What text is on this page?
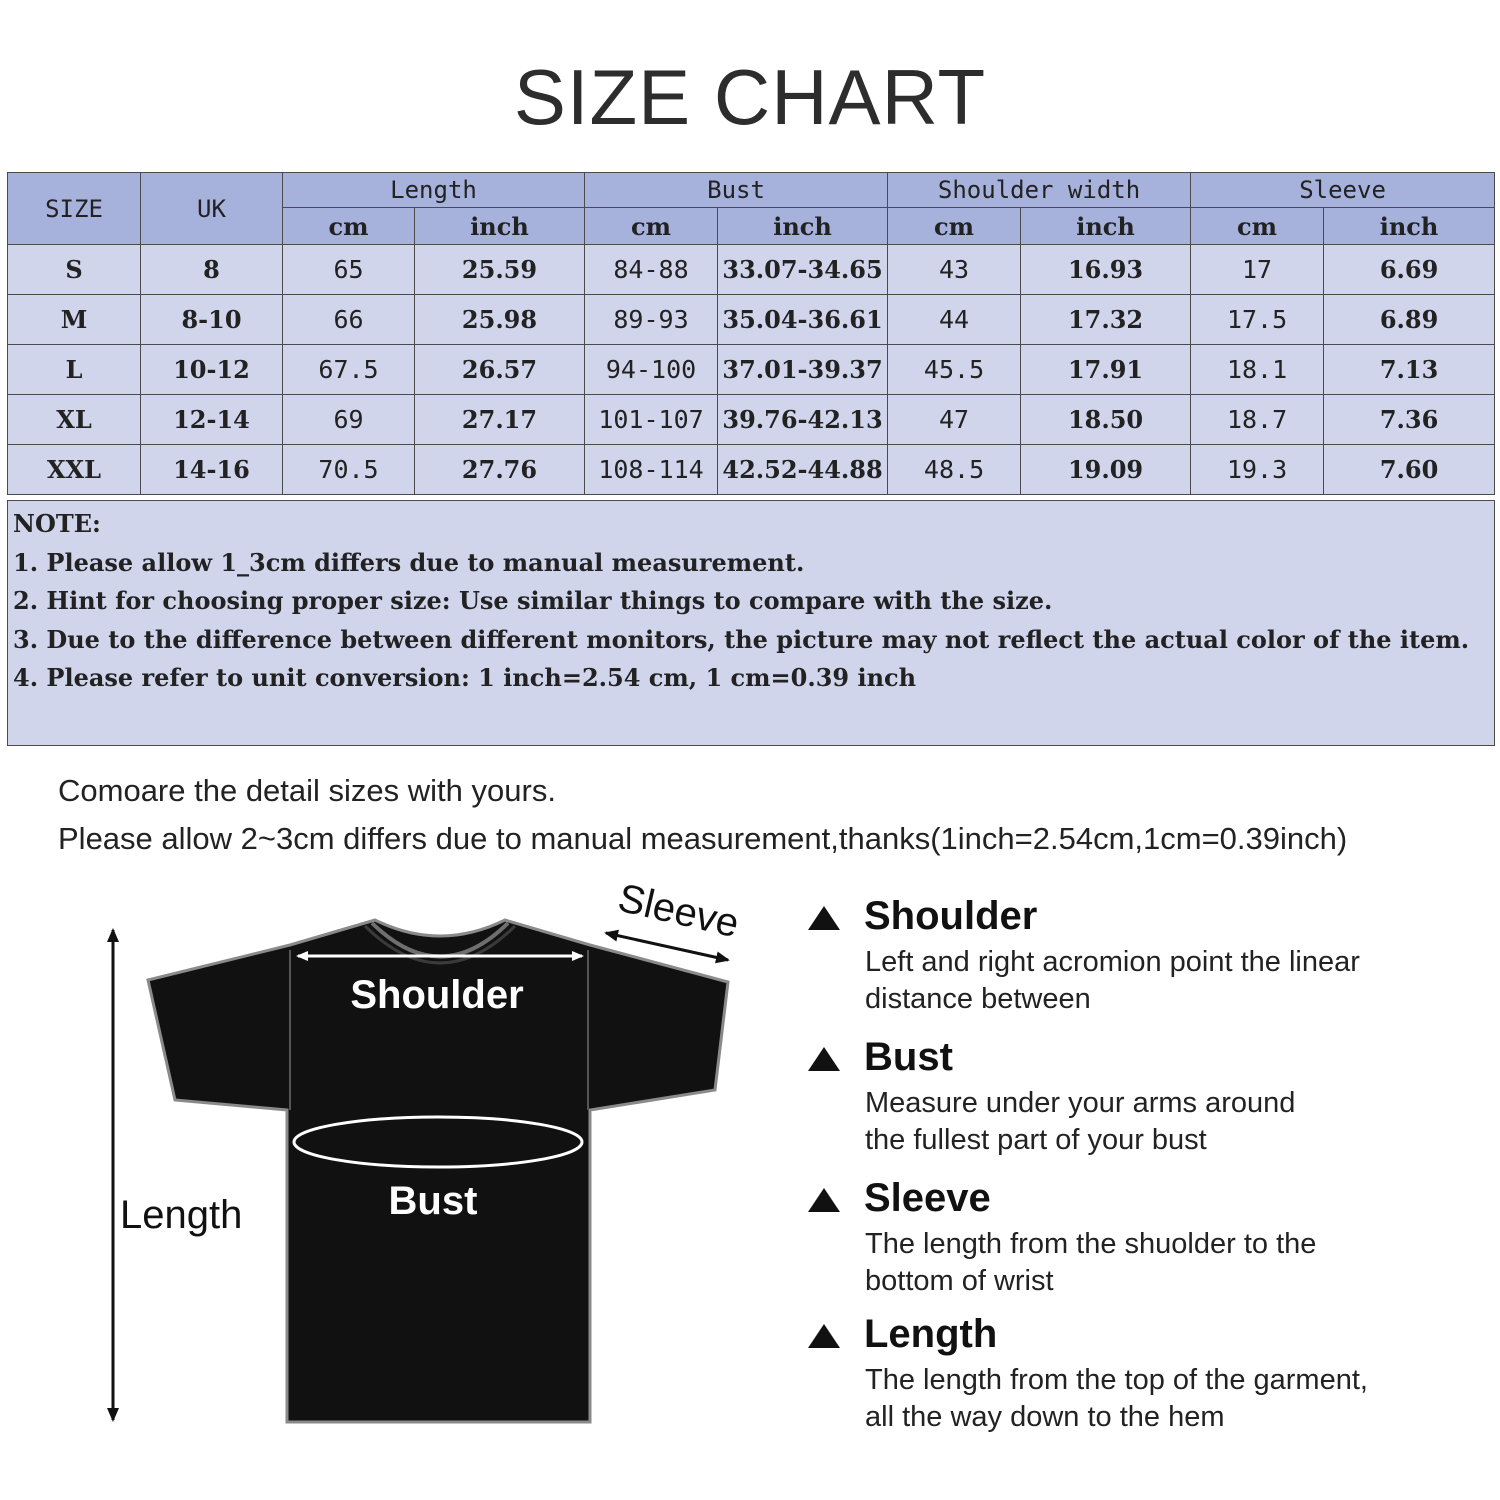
SIZE CHART
SIZE	UK	Length		Bust		Shoulder width		Sleeve	
		cm	inch	cm	inch	cm	inch	cm	inch
S	8	65	25.59	84-88	33.07-34.65	43	16.93	17	6.69
M	8-10	66	25.98	89-93	35.04-36.61	44	17.32	17.5	6.89
L	10-12	67.5	26.57	94-100	37.01-39.37	45.5	17.91	18.1	7.13
XL	12-14	69	27.17	101-107	39.76-42.13	47	18.50	18.7	7.36
XXL	14-16	70.5	27.76	108-114	42.52-44.88	48.5	19.09	19.3	7.60
NOTE:
1. Please allow 1_3cm differs due to manual measurement.
2. Hint for choosing proper size: Use similar things to compare with the size.
3. Due to the difference between different monitors, the picture may not reflect the actual color of the item.
4. Please refer to unit conversion: 1 inch=2.54 cm, 1 cm=0.39 inch
Comoare the detail sizes with yours.
Please allow 2~3cm differs due to manual measurement,thanks(1inch=2.54cm,1cm=0.39inch)
Shoulder
Bust
Length
Sleeve	Shoulder
Left and right acromion point the linear
distance between
Bust
Measure under your arms around
the fullest part of your bust
Sleeve
The length from the shuolder to the
bottom of wrist
Length
The length from the top of the garment,
all the way down to the hem
